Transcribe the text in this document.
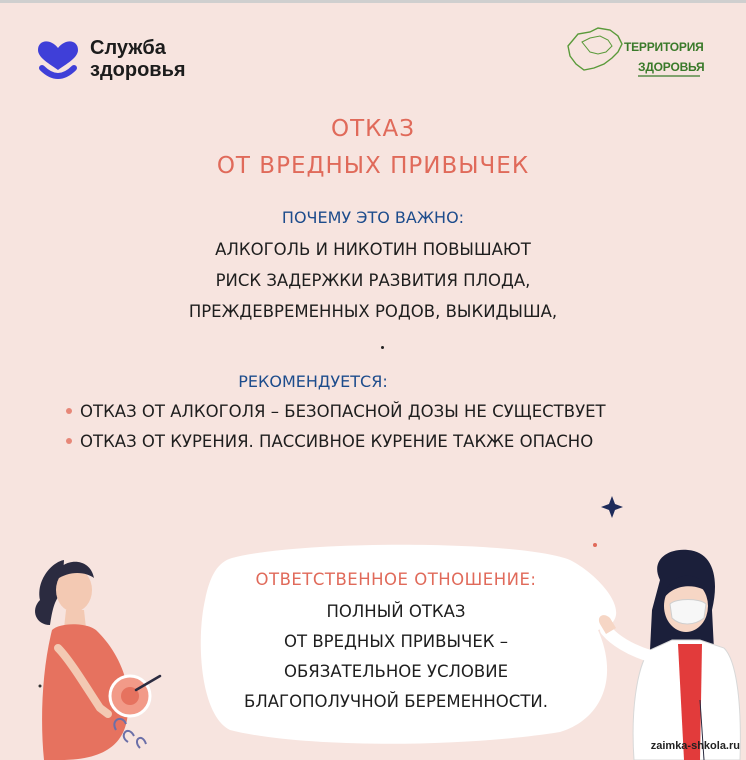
Служба
здоровья
ТЕРРИТОРИЯ
ЗДОРОВЬЯ
ОТКАЗ
ОТ ВРЕДНЫХ ПРИВЫЧЕК
ПОЧЕМУ ЭТО ВАЖНО:
АЛКОГОЛЬ И НИКОТИН ПОВЫШАЮТ
РИСК ЗАДЕРЖКИ РАЗВИТИЯ ПЛОДА,
ПРЕЖДЕВРЕМЕННЫХ РОДОВ, ВЫКИДЫША,
РЕКОМЕНДУЕТСЯ:
ОТКАЗ ОТ АЛКОГОЛЯ – БЕЗОПАСНОЙ ДОЗЫ НЕ СУЩЕСТВУЕТ
ОТКАЗ ОТ КУРЕНИЯ. ПАССИВНОЕ КУРЕНИЕ ТАКЖЕ ОПАСНО
ОТВЕТСТВЕННОЕ ОТНОШЕНИЕ:
ПОЛНЫЙ ОТКАЗ
ОТ ВРЕДНЫХ ПРИВЫЧЕК –
ОБЯЗАТЕЛЬНОЕ УСЛОВИЕ
БЛАГОПОЛУЧНОЙ БЕРЕМЕННОСТИ.
zaimka-shkola.ru
